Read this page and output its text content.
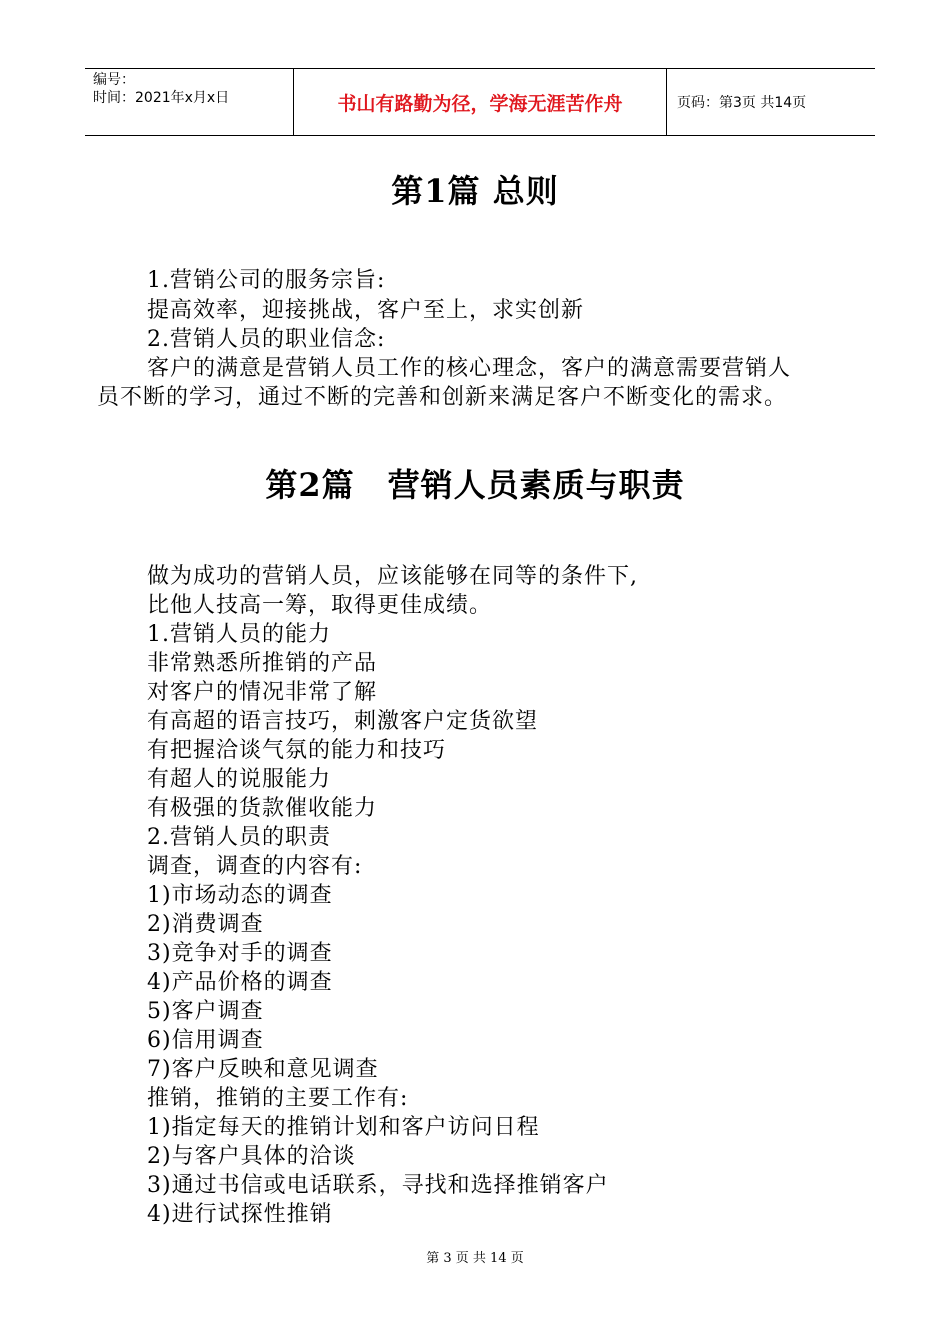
编号：
时间：2021年x月x日	书山有路勤为径，学海无涯苦作舟	页码：第3页 共14页
第1篇 总则
1.营销公司的服务宗旨:
提高效率，迎接挑战，客户至上，求实创新
2.营销人员的职业信念:
客户的满意是营销人员工作的核心理念，客户的满意需要营销人
员不断的学习，通过不断的完善和创新来满足客户不断变化的需求。
第2篇　营销人员素质与职责
做为成功的营销人员，应该能够在同等的条件下,
比他人技高一筹，取得更佳成绩。
1.营销人员的能力
非常熟悉所推销的产品
对客户的情况非常了解
有高超的语言技巧，刺激客户定货欲望
有把握洽谈气氛的能力和技巧
有超人的说服能力
有极强的货款催收能力
2.营销人员的职责
调查，调查的内容有:
1)市场动态的调查
2)消费调查
3)竞争对手的调查
4)产品价格的调查
5)客户调查
6)信用调查
7)客户反映和意见调查
推销，推销的主要工作有:
1)指定每天的推销计划和客户访问日程
2)与客户具体的洽谈
3)通过书信或电话联系，寻找和选择推销客户
4)进行试探性推销
第 3 页 共 14 页
